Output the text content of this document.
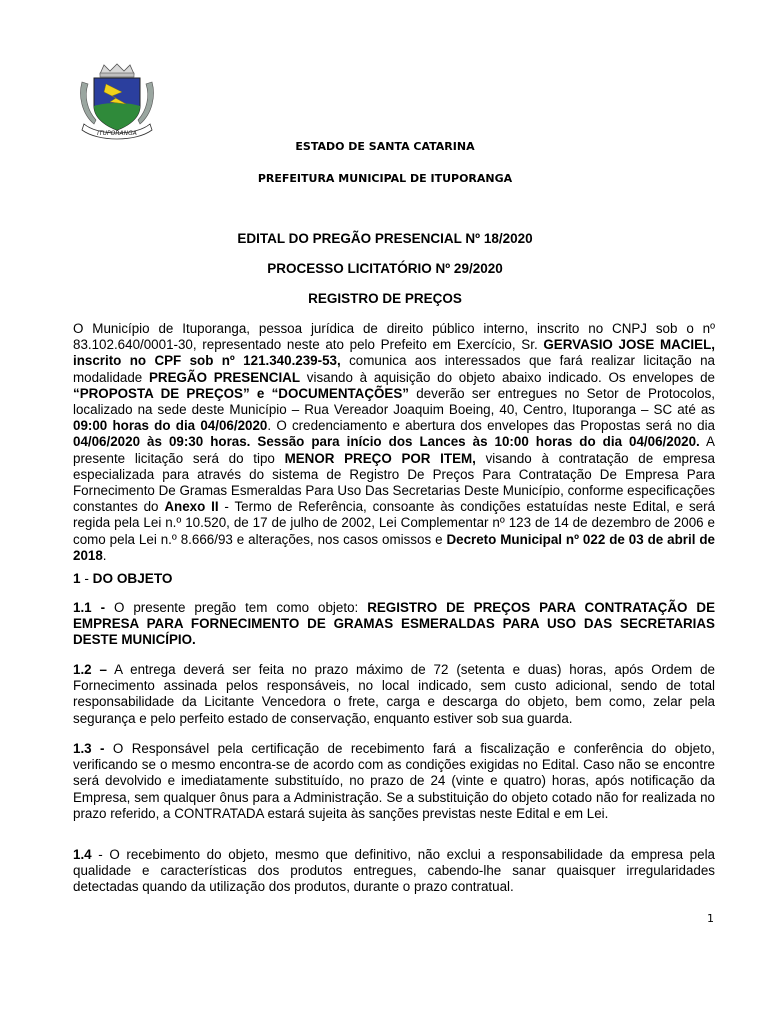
ITUPORANGA
ESTADO DE SANTA CATARINA
PREFEITURA MUNICIPAL DE ITUPORANGA
EDITAL DO PREGÃO PRESENCIAL Nº 18/2020
PROCESSO LICITATÓRIO Nº 29/2020
REGISTRO DE PREÇOS
O Município de Ituporanga, pessoa jurídica de direito público interno, inscrito no CNPJ sob o nº 83.102.640/0001-30, representado neste ato pelo Prefeito em Exercício, Sr. GERVASIO JOSE MACIEL, inscrito no CPF sob nº 121.340.239-53, comunica aos interessados que fará realizar licitação na modalidade PREGÃO PRESENCIAL visando à aquisição do objeto abaixo indicado. Os envelopes de “PROPOSTA DE PREÇOS” e “DOCUMENTAÇÕES” deverão ser entregues no Setor de Protocolos, localizado na sede deste Município – Rua Vereador Joaquim Boeing, 40, Centro, Ituporanga – SC até as 09:00 horas do dia 04/06/2020. O credenciamento e abertura dos envelopes das Propostas será no dia 04/06/2020 às 09:30 horas. Sessão para início dos Lances às 10:00 horas do dia 04/06/2020. A presente licitação será do tipo MENOR PREÇO POR ITEM, visando à contratação de empresa especializada para através do sistema de Registro De Preços Para Contratação De Empresa Para Fornecimento De Gramas Esmeraldas Para Uso Das Secretarias Deste Município, conforme especificações constantes do Anexo II - Termo de Referência, consoante às condições estatuídas neste Edital, e será regida pela Lei n.º 10.520, de 17 de julho de 2002, Lei Complementar nº 123 de 14 de dezembro de 2006 e como pela Lei n.º 8.666/93 e alterações, nos casos omissos e Decreto Municipal nº 022 de 03 de abril de 2018.
1 - DO OBJETO
1.1 - O presente pregão tem como objeto: REGISTRO DE PREÇOS PARA CONTRATAÇÃO DE EMPRESA PARA FORNECIMENTO DE GRAMAS ESMERALDAS PARA USO DAS SECRETARIAS DESTE MUNICÍPIO.
1.2 – A entrega deverá ser feita no prazo máximo de 72 (setenta e duas) horas, após Ordem de Fornecimento assinada pelos responsáveis, no local indicado, sem custo adicional, sendo de total responsabilidade da Licitante Vencedora o frete, carga e descarga do objeto, bem como, zelar pela segurança e pelo perfeito estado de conservação, enquanto estiver sob sua guarda.
1.3 - O Responsável pela certificação de recebimento fará a fiscalização e conferência do objeto, verificando se o mesmo encontra-se de acordo com as condições exigidas no Edital. Caso não se encontre será devolvido e imediatamente substituído, no prazo de 24 (vinte e quatro) horas, após notificação da Empresa, sem qualquer ônus para a Administração. Se a substituição do objeto cotado não for realizada no prazo referido, a CONTRATADA estará sujeita às sanções previstas neste Edital e em Lei.
1.4 - O recebimento do objeto, mesmo que definitivo, não exclui a responsabilidade da empresa pela qualidade e características dos produtos entregues, cabendo-lhe sanar quaisquer irregularidades detectadas quando da utilização dos produtos, durante o prazo contratual.
1
